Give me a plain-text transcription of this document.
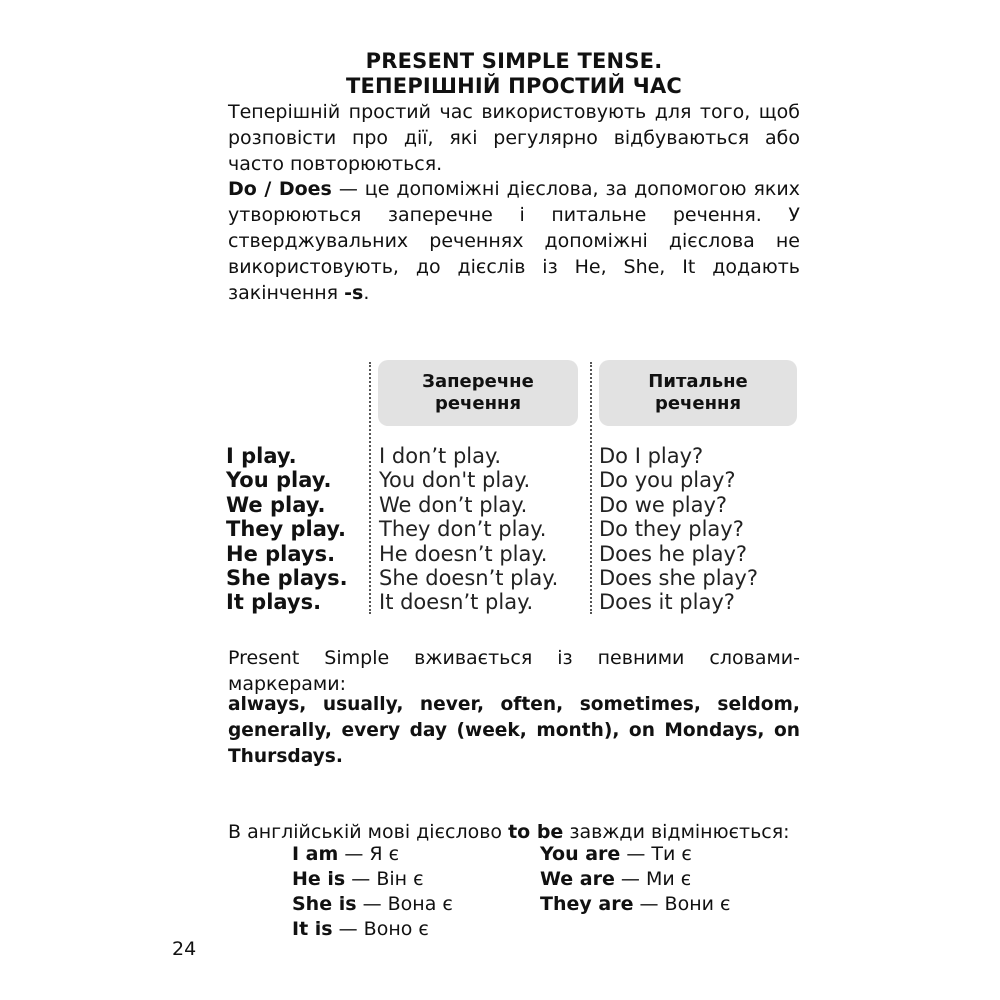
PRESENT SIMPLE TENSE.
ТЕПЕРІШНІЙ ПРОСТИЙ ЧАС
Теперішній простий час використовують для того, щоб розповісти про дії, які регулярно відбуваються або часто повторюються.
Do / Does — це допоміжні дієслова, за допомогою яких утворюються заперечне і питальне речення. У стверджувальних реченнях допоміжні дієслова не використовують, до дієслів із He, She, It додають закінчення -s.
Заперечне речення
Питальне речення
I play.
You play.
We play.
They play.
He plays.
She plays.
It plays.
I don’t play.
You don't play.
We don’t play.
They don’t play.
He doesn’t play.
She doesn’t play.
It doesn’t play.
Do I play?
Do you play?
Do we play?
Do they play?
Does he play?
Does she play?
Does it play?
Present Simple вживається із певними словами-маркерами:
always, usually, never, often, sometimes, seldom, generally, every day (week, month), on Mondays, on Thursdays.
В англійській мові дієслово to be завжди відмінюється:
I am — Я є
He is — Він є
She is — Вона є
It is — Воно є
You are — Ти є
We are — Ми є
They are — Вони є
24
